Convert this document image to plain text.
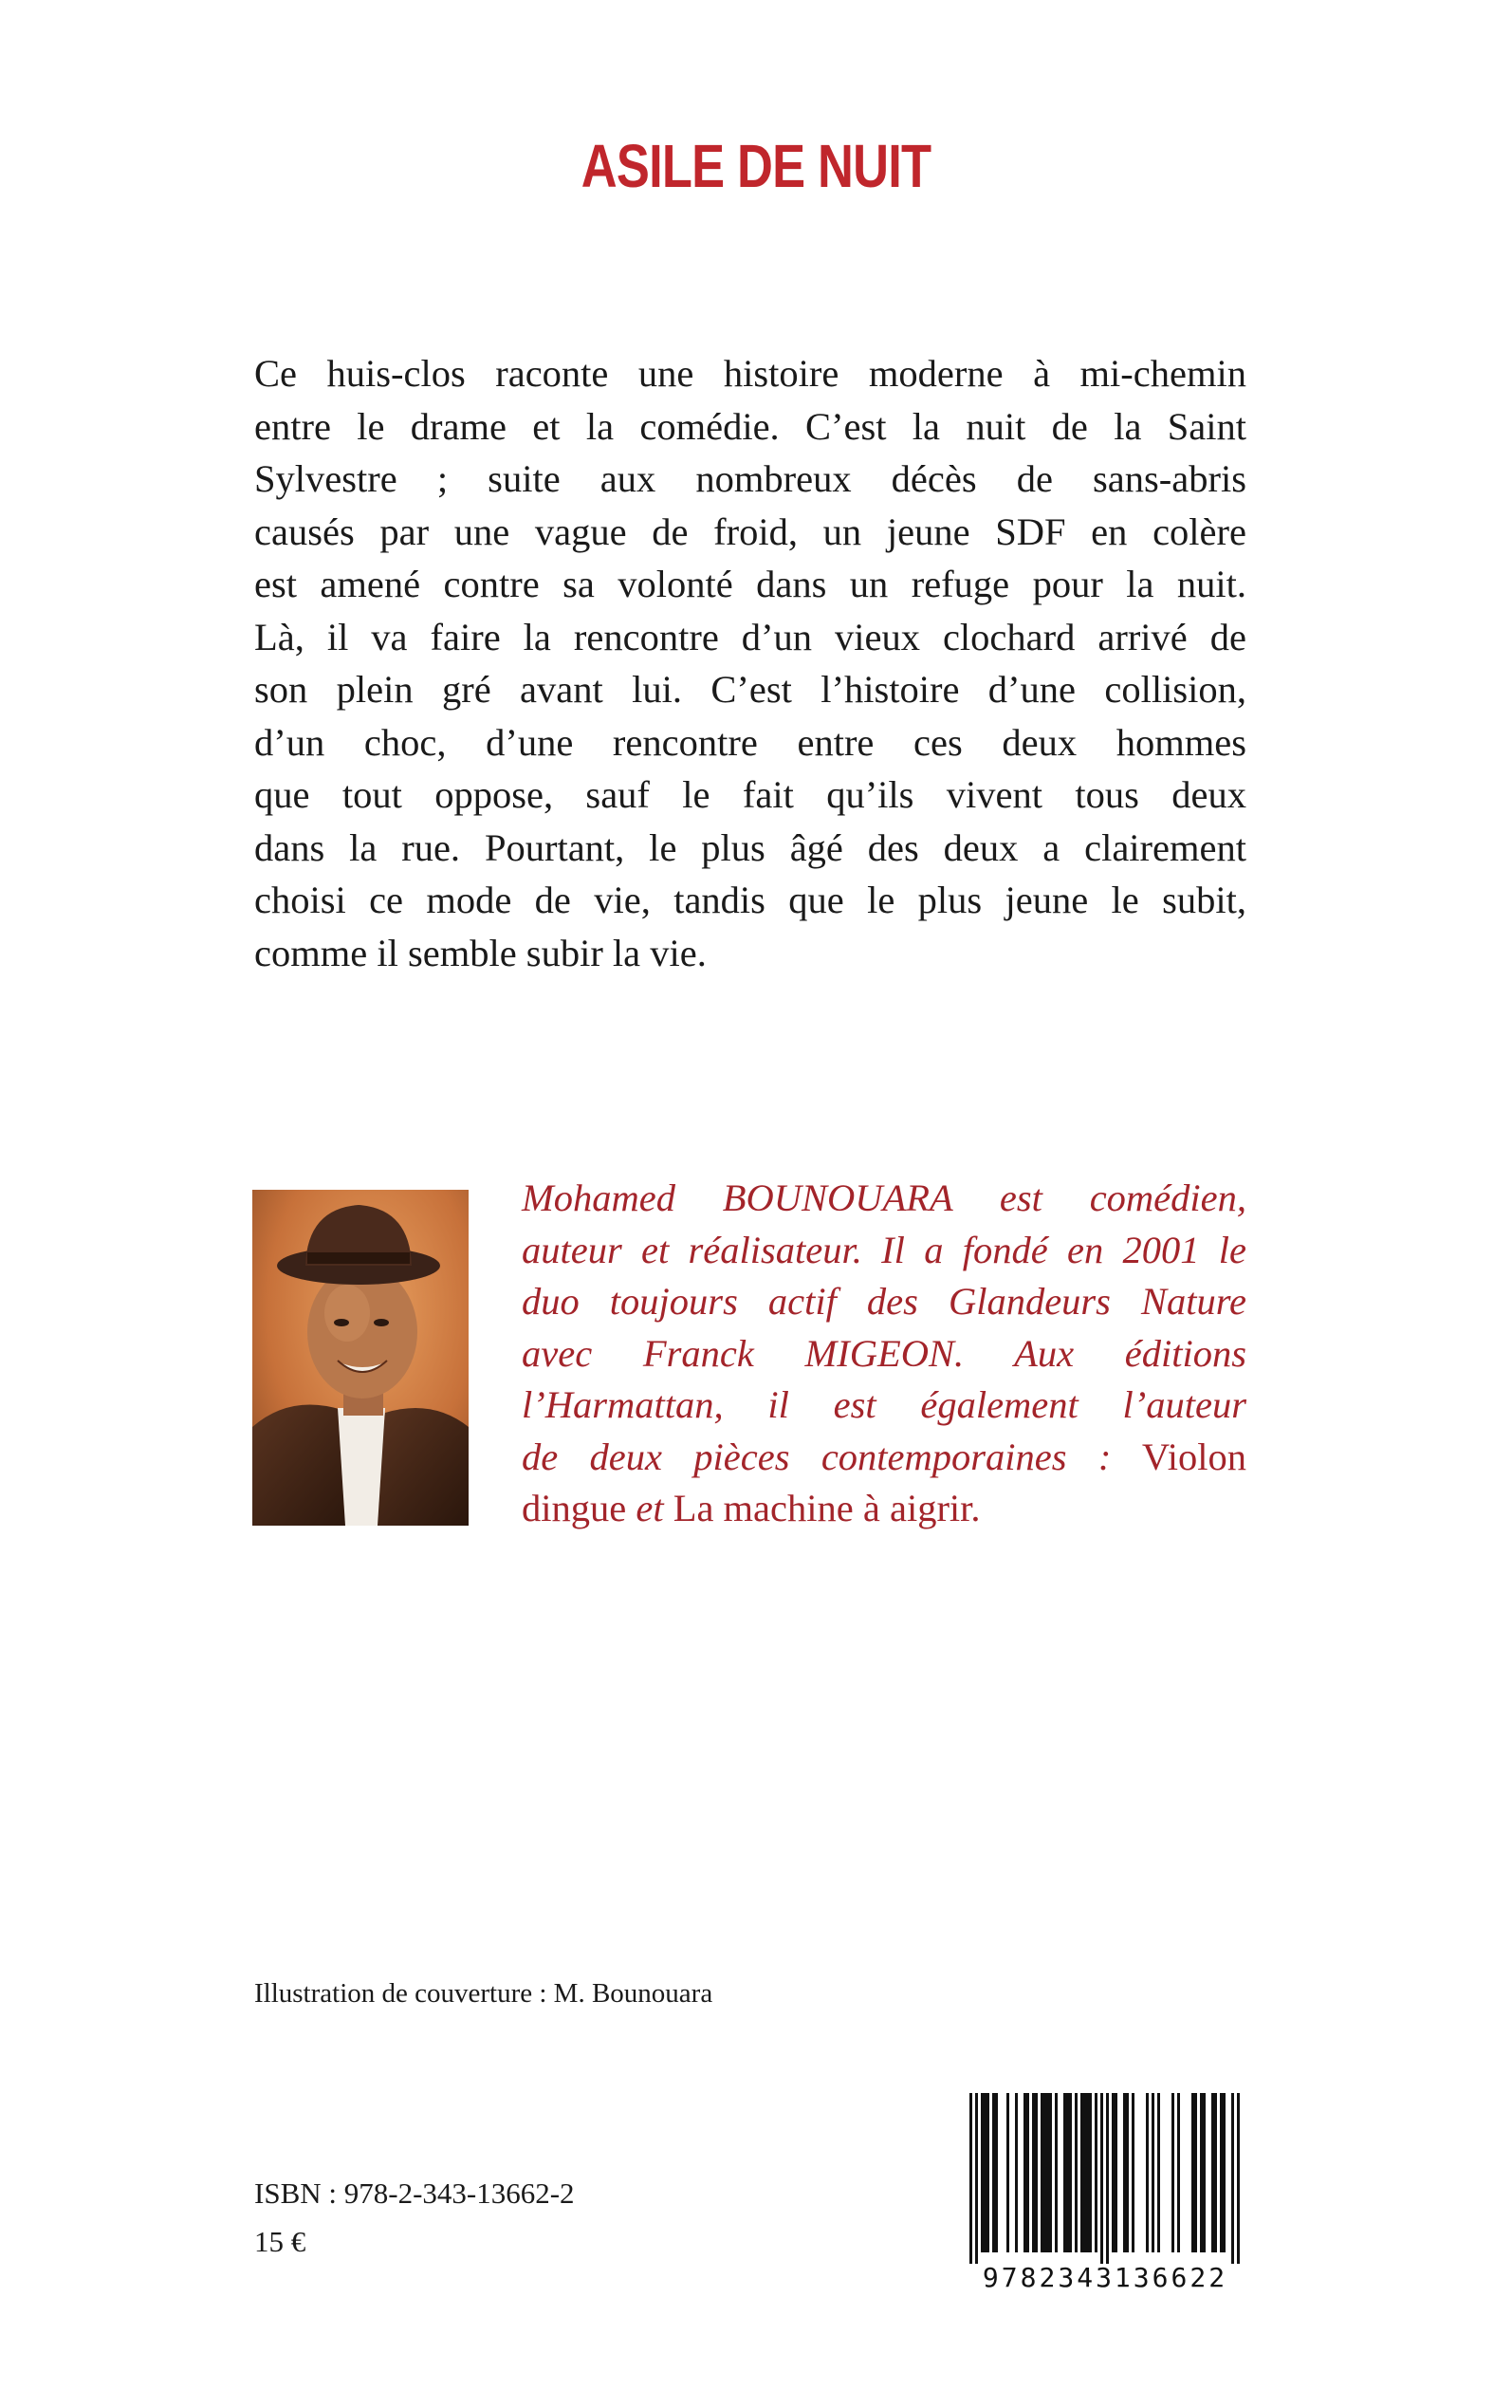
ASILE DE NUIT
Ce huis-clos raconte une histoire moderne à mi-chemin
entre le drame et la comédie. C’est la nuit de la Saint
Sylvestre ; suite aux nombreux décès de sans-abris
causés par une vague de froid, un jeune SDF en colère
est amené contre sa volonté dans un refuge pour la nuit.
Là, il va faire la rencontre d’un vieux clochard arrivé de
son plein gré avant lui. C’est l’histoire d’une collision,
d’un choc, d’une rencontre entre ces deux hommes
que tout oppose, sauf le fait qu’ils vivent tous deux
dans la rue. Pourtant, le plus âgé des deux a clairement
choisi ce mode de vie, tandis que le plus jeune le subit,
comme il semble subir la vie.
Mohamed BOUNOUARA est comédien,
auteur et réalisateur. Il a fondé en 2001 le
duo toujours actif des Glandeurs Nature
avec Franck MIGEON. Aux éditions
l’Harmattan, il est également l’auteur
de deux pièces contemporaines : Violon
dingue et La machine à aigrir.

Illustration de couverture : M. Bounouara

ISBN : 978-2-343-13662-2

15 €

9782343136622
